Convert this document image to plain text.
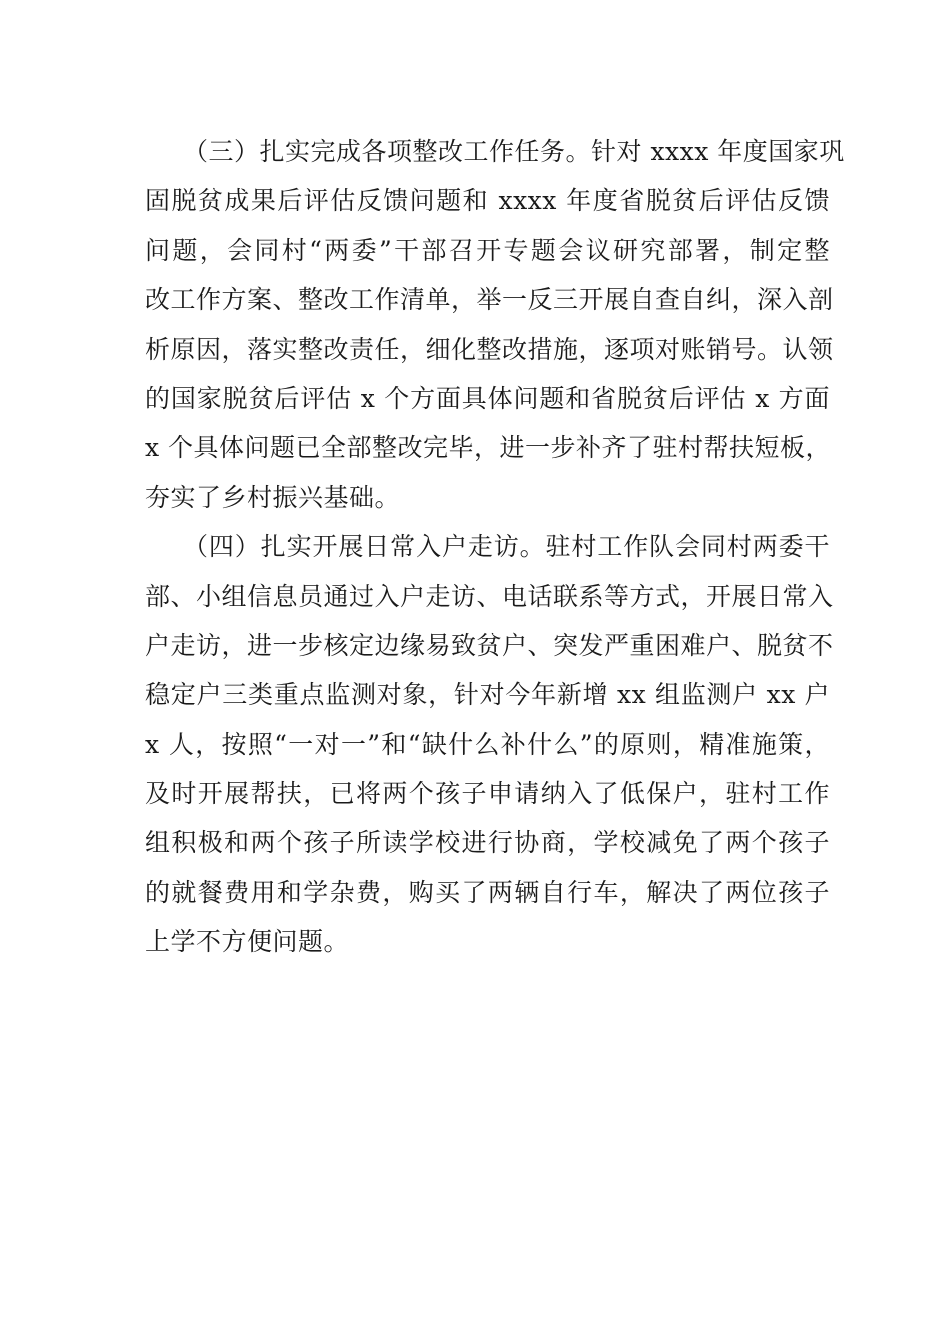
（三）扎实完成各项整改工作任务。针对 xxxx 年度国家巩
固脱贫成果后评估反馈问题和 xxxx 年度省脱贫后评估反馈
问题，会同村“两委”干部召开专题会议研究部署，制定整
改工作方案、整改工作清单，举一反三开展自查自纠，深入剖
析原因，落实整改责任，细化整改措施，逐项对账销号。认领
的国家脱贫后评估 x 个方面具体问题和省脱贫后评估 x 方面
x 个具体问题已全部整改完毕，进一步补齐了驻村帮扶短板，
夯实了乡村振兴基础。
（四）扎实开展日常入户走访。驻村工作队会同村两委干
部、小组信息员通过入户走访、电话联系等方式，开展日常入
户走访，进一步核定边缘易致贫户、突发严重困难户、脱贫不
稳定户三类重点监测对象，针对今年新增 xx 组监测户 xx 户
x 人，按照“一对一”和“缺什么补什么”的原则，精准施策，
及时开展帮扶，已将两个孩子申请纳入了低保户，驻村工作
组积极和两个孩子所读学校进行协商，学校减免了两个孩子
的就餐费用和学杂费，购买了两辆自行车，解决了两位孩子
上学不方便问题。
